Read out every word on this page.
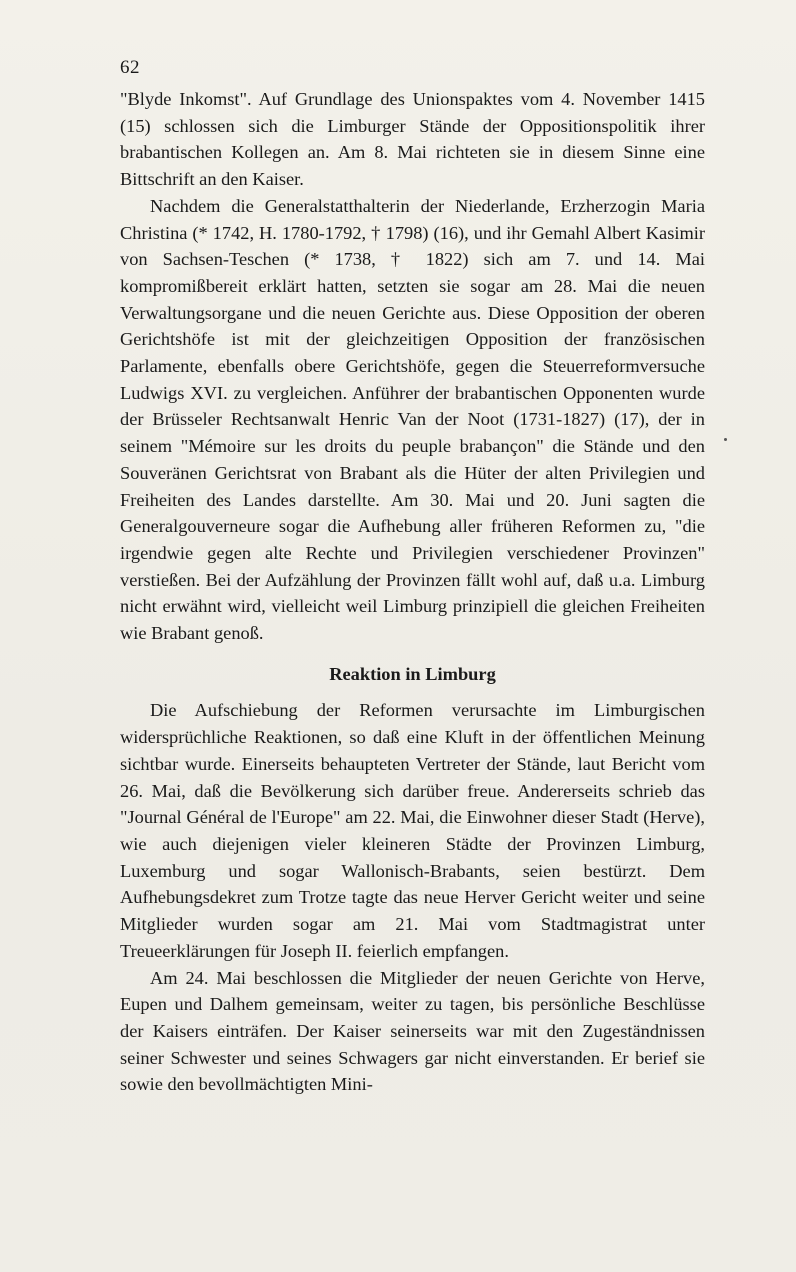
62

"Blyde Inkomst". Auf Grundlage des Unionspaktes vom 4. November 1415 (15) schlossen sich die Limburger Stände der Oppositionspolitik ihrer brabantischen Kollegen an. Am 8. Mai richteten sie in diesem Sinne eine Bittschrift an den Kaiser.

Nachdem die Generalstatthalterin der Niederlande, Erzherzogin Maria Christina (* 1742, H. 1780-1792, † 1798) (16), und ihr Gemahl Albert Kasimir von Sachsen-Teschen (* 1738, † 1822) sich am 7. und 14. Mai kompromißbereit erklärt hatten, setzten sie sogar am 28. Mai die neuen Verwaltungsorgane und die neuen Gerichte aus. Diese Opposition der oberen Gerichtshöfe ist mit der gleichzeitigen Opposition der französischen Parlamente, ebenfalls obere Gerichtshöfe, gegen die Steuerreformversuche Ludwigs XVI. zu vergleichen. Anführer der brabantischen Opponenten wurde der Brüsseler Rechtsanwalt Henric Van der Noot (1731-1827) (17), der in seinem "Mémoire sur les droits du peuple brabançon" die Stände und den Souveränen Gerichtsrat von Brabant als die Hüter der alten Privilegien und Freiheiten des Landes darstellte. Am 30. Mai und 20. Juni sagten die Generalgouverneure sogar die Aufhebung aller früheren Reformen zu, "die irgendwie gegen alte Rechte und Privilegien verschiedener Provinzen" verstießen. Bei der Aufzählung der Provinzen fällt wohl auf, daß u.a. Limburg nicht erwähnt wird, vielleicht weil Limburg prinzipiell die gleichen Freiheiten wie Brabant genoß.

Reaktion in Limburg

Die Aufschiebung der Reformen verursachte im Limburgischen widersprüchliche Reaktionen, so daß eine Kluft in der öffentlichen Meinung sichtbar wurde. Einerseits behaupteten Vertreter der Stände, laut Bericht vom 26. Mai, daß die Bevölkerung sich darüber freue. Andererseits schrieb das "Journal Général de l'Europe" am 22. Mai, die Einwohner dieser Stadt (Herve), wie auch diejenigen vieler kleineren Städte der Provinzen Limburg, Luxemburg und sogar Wallonisch-Brabants, seien bestürzt. Dem Aufhebungsdekret zum Trotze tagte das neue Herver Gericht weiter und seine Mitglieder wurden sogar am 21. Mai vom Stadtmagistrat unter Treueerklärungen für Joseph II. feierlich empfangen.

Am 24. Mai beschlossen die Mitglieder der neuen Gerichte von Herve, Eupen und Dalhem gemeinsam, weiter zu tagen, bis persönliche Beschlüsse der Kaisers einträfen. Der Kaiser seinerseits war mit den Zugeständnissen seiner Schwester und seines Schwagers gar nicht einverstanden. Er berief sie sowie den bevollmächtigten Mini-
